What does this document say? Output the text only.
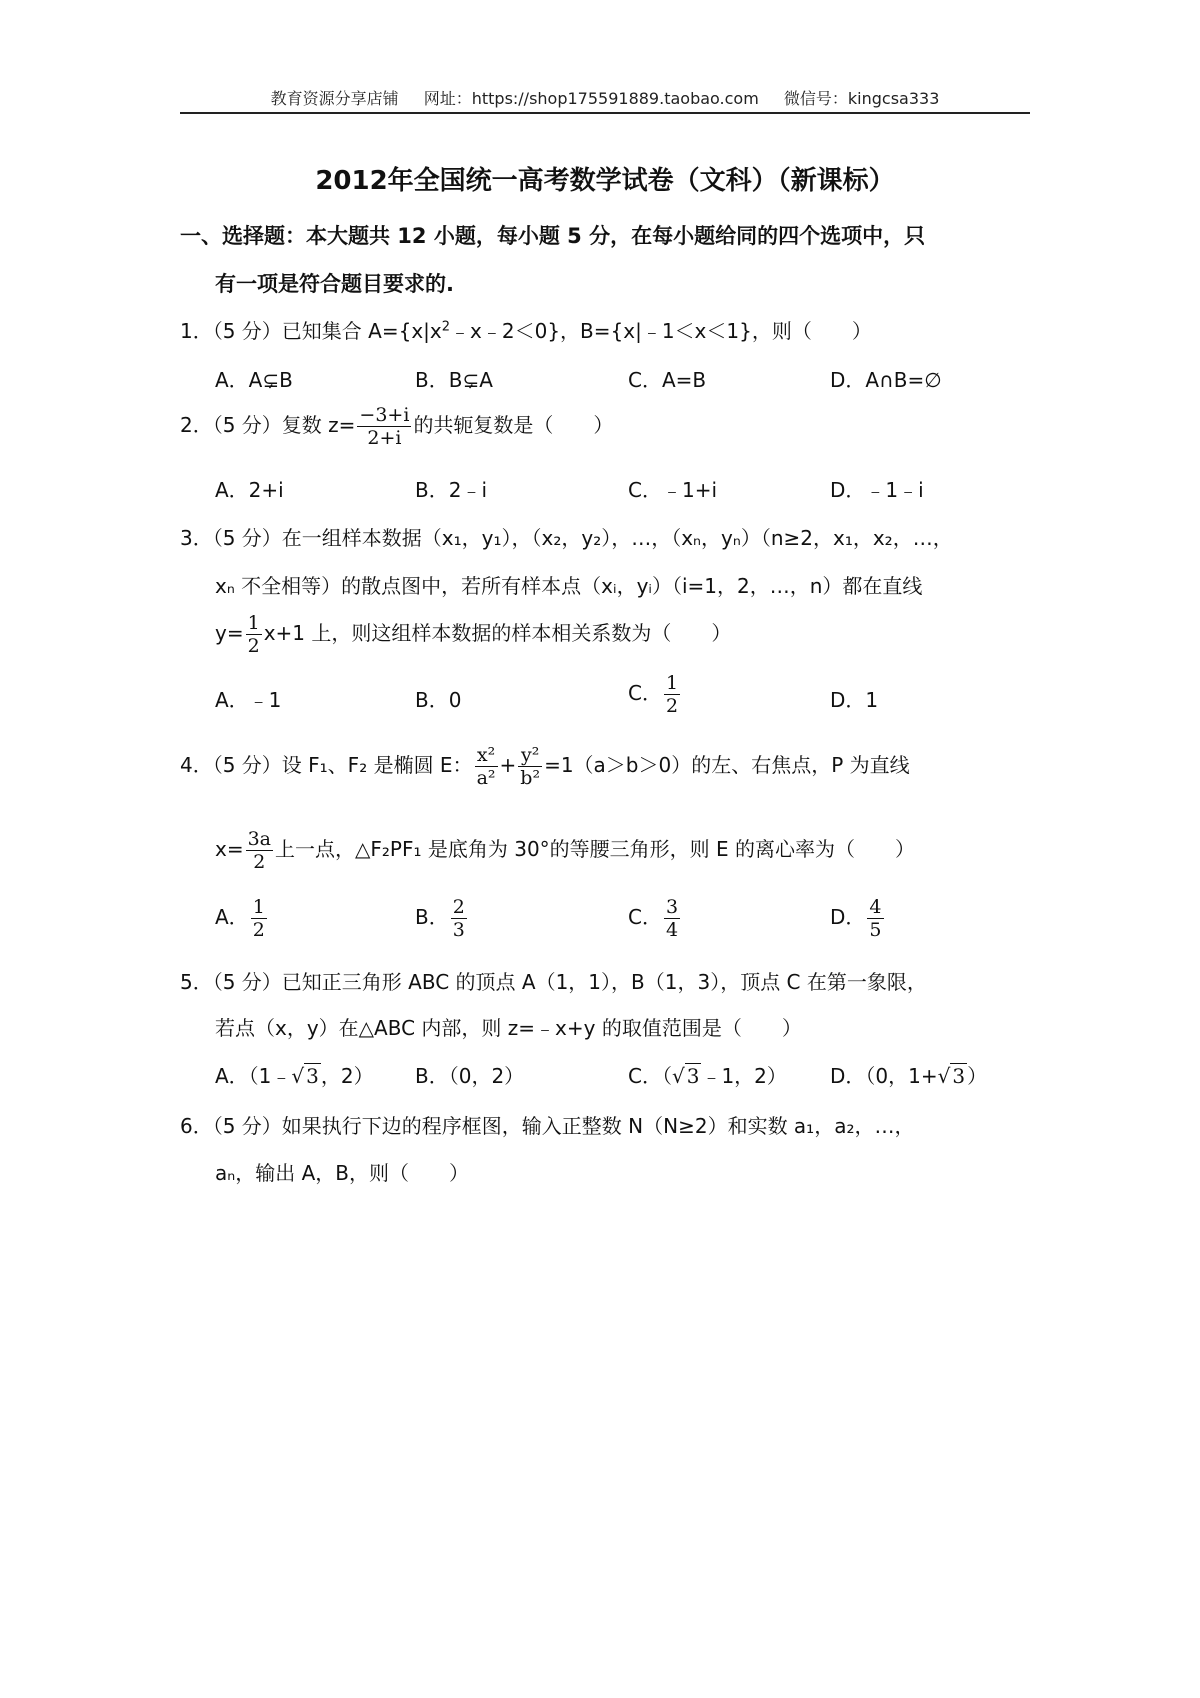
教育资源分享店铺 网址：https://shop175591889.taobao.com 微信号：kingcsa333
2012年全国统一高考数学试卷（文科）（新课标）
一、选择题：本大题共 12 小题，每小题 5 分，在每小题给同的四个选项中，只
有一项是符合题目要求的.
1．（5 分）已知集合 $A=\{x|x^2﹣x﹣2<0\}$，B={x|﹣1＜x＜1}，则（　　）
A．A⊊B	B．B⊊A	C．A=B	D．A∩B=∅
2．（5 分）复数 $z= \frac{-3+i}{2+i}$ 的共轭复数是（　　）
A．2+i	B．2﹣i	C．﹣1+i	D．﹣1﹣i
3．（5 分）在一组样本数据（x₁，y₁），（x₂，y₂），…，（xₙ，yₙ）（n≥2，x₁，x₂，…，
xₙ 不全相等）的散点图中，若所有样本点（xᵢ，yᵢ）（i=1，2，…，n）都在直线
$y= \frac{1}{2} x+1$ 上，则这组样本数据的样本相关系数为（　　）
A．﹣1	B．0	C． $\frac{1}{2}$	D．1
4．（5 分）设 F₁、F₂ 是椭圆 E： $\frac{\text{x²}}{\text{a²}} + \frac{\text{y²}}{\text{b²}} =1(a>b>0)$的左、右焦点，P 为直线
$x= \frac{3a}{2}$ 上一点，△F₂PF₁ 是底角为 30°的等腰三角形，则 E 的离心率为（　　）
A． $\frac{1}{2}$	B． $\frac{2}{3}$	C． $\frac{3}{4}$	D． $\frac{4}{5}$
5．（5 分）已知正三角形 ABC 的顶点 A（1，1），B（1，3），顶点 C 在第一象限，
若点（x，y）在△ABC 内部，则 z=﹣x+y 的取值范围是（　　）
A．（1﹣√ 3 ，2） B．（0，2）	C．（√ 3 ﹣1，2） D．（0，1+√ 3 ）
6．（5 分）如果执行下边的程序框图，输入正整数 N（N≥2）和实数 a₁，a₂，…，
aₙ，输出 A，B，则（　　）
